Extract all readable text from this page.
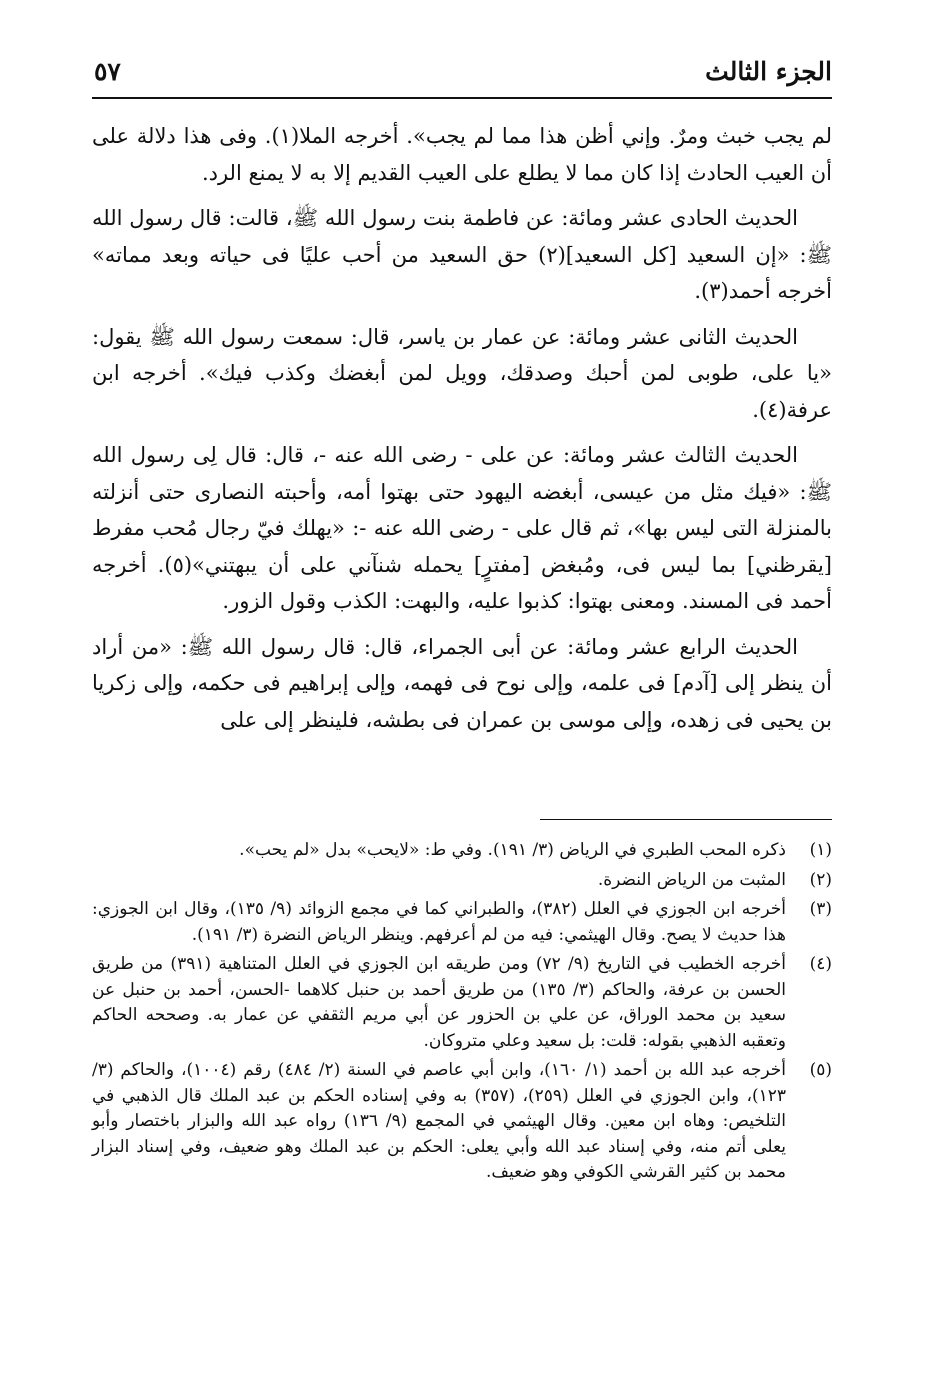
الجزء الثالث
٥٧

لم يجب خبث ومرٌ. وإني أظن هذا مما لم يجب». أخرجه الملا(١). وفى هذا دلالة على أن العيب الحادث إذا كان مما لا يطلع على العيب القديم إلا به لا يمنع الرد.

الحديث الحادى عشر ومائة: عن فاطمة بنت رسول الله ﷺ، قالت: قال رسول الله ﷺ: «إن السعيد [كل السعيد](٢) حق السعيد من أحب عليًا فى حياته وبعد مماته» أخرجه أحمد(٣).

الحديث الثانى عشر ومائة: عن عمار بن ياسر، قال: سمعت رسول الله ﷺ يقول: «يا على، طوبى لمن أحبك وصدقك، وويل لمن أبغضك وكذب فيك». أخرجه ابن عرفة(٤).

الحديث الثالث عشر ومائة: عن على - رضى الله عنه -، قال: قال لِى رسول الله ﷺ: «فيك مثل من عيسى، أبغضه اليهود حتى بهتوا أمه، وأحبته النصارى حتى أنزلته بالمنزلة التى ليس بها»، ثم قال على - رضى الله عنه -: «يهلك فيّ رجال مُحب مفرط [يقرظني] بما ليس فى، ومُبغض [مفترٍ] يحمله شنآني على أن يبهتني»(٥). أخرجه أحمد فى المسند. ومعنى بهتوا: كذبوا عليه، والبهت: الكذب وقول الزور.

الحديث الرابع عشر ومائة: عن أبى الجمراء، قال: قال رسول الله ﷺ: «من أراد أن ينظر إلى [آدم] فى علمه، وإلى نوح فى فهمه، وإلى إبراهيم فى حكمه، وإلى زكريا بن يحيى فى زهده، وإلى موسى بن عمران فى بطشه، فلينظر إلى على

(١)
ذكره المحب الطبري في الرياض (٣/ ١٩١). وفي ط: «لايحب» بدل «لم يحب».
(٢)
المثبت من الرياض النضرة.
(٣)
أخرجه ابن الجوزي في العلل (٣٨٢)، والطبراني كما في مجمع الزوائد (٩/ ١٣٥)، وقال ابن الجوزي: هذا حديث لا يصح. وقال الهيثمي: فيه من لم أعرفهم. وينظر الرياض النضرة (٣/ ١٩١).
(٤)
أخرجه الخطيب في التاريخ (٩/ ٧٢) ومن طريقه ابن الجوزي في العلل المتناهية (٣٩١) من طريق الحسن بن عرفة، والحاكم (٣/ ١٣٥) من طريق أحمد بن حنبل كلاهما -الحسن، أحمد بن حنبل عن سعيد بن محمد الوراق، عن علي بن الحزور عن أبي مريم الثقفي عن عمار به. وصححه الحاكم وتعقبه الذهبي بقوله: قلت: بل سعيد وعلي متروكان.
(٥)
أخرجه عبد الله بن أحمد (١/ ١٦٠)، وابن أبي عاصم في السنة (٢/ ٤٨٤) رقم (١٠٠٤)، والحاكم (٣/ ١٢٣)، وابن الجوزي في العلل (٢٥٩)، (٣٥٧) به وفي إسناده الحكم بن عبد الملك قال الذهبي في التلخيص: وهاه ابن معين. وقال الهيثمي في المجمع (٩/ ١٣٦) رواه عبد الله والبزار باختصار وأبو يعلى أتم منه، وفي إسناد عبد الله وأبي يعلى: الحكم بن عبد الملك وهو ضعيف، وفي إسناد البزار محمد بن كثير القرشي الكوفي وهو ضعيف.
